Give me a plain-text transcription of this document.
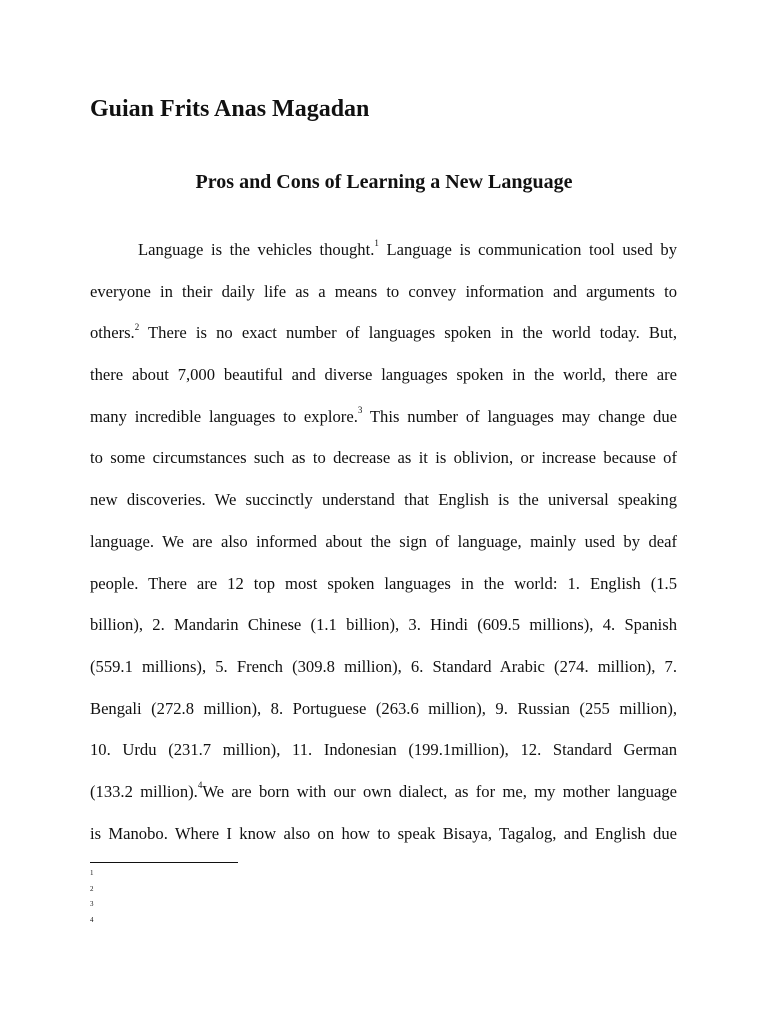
Guian Frits Anas Magadan
Pros and Cons of Learning a New Language
Language is the vehicles thought.$^1$ Language is communication tool used by
everyone in their daily life as a means to convey information and arguments to
others.$^2$ There is no exact number of languages spoken in the world today. But,
there about 7,000 beautiful and diverse languages spoken in the world, there are
many incredible languages to explore.$^3$ This number of languages may change due
to some circumstances such as to decrease as it is oblivion, or increase because of
new discoveries. We succinctly understand that English is the universal speaking
language. We are also informed about the sign of language, mainly used by deaf
people. There are 12 top most spoken languages in the world: 1. English (1.5
billion), 2. Mandarin Chinese (1.1 billion), 3. Hindi (609.5 millions), 4. Spanish
(559.1 millions), 5. French (309.8 million), 6. Standard Arabic (274. million), 7.
Bengali (272.8 million), 8. Portuguese (263.6 million), 9. Russian (255 million),
10. Urdu (231.7 million), 11. Indonesian (199.1million), 12. Standard German
(133.2 million).$^4$We are born with our own dialect, as for me, my mother language
is Manobo. Where I know also on how to speak Bisaya, Tagalog, and English due
1
2
3
4
